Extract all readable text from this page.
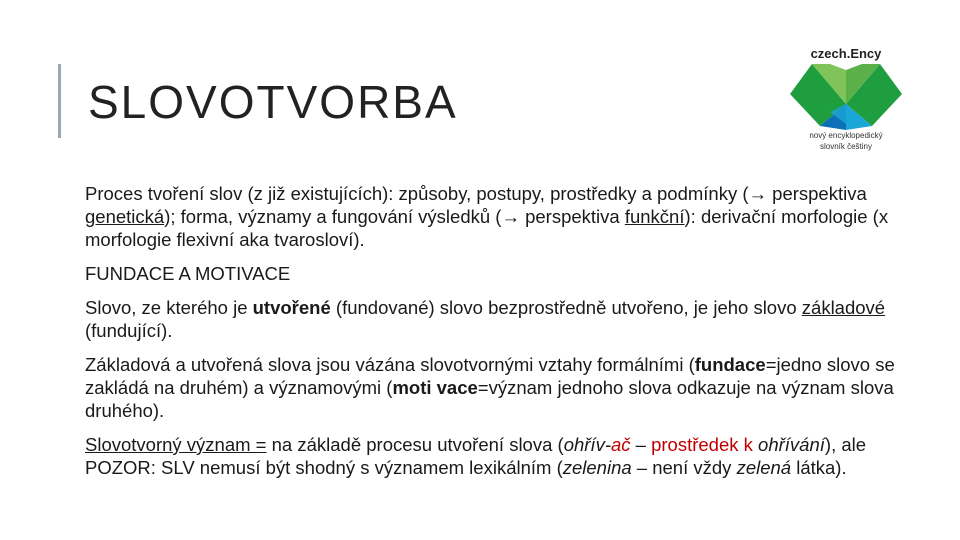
SLOVOTVORBA
czech.Ency
nový encyklopedický
slovník češtiny

Proces tvoření slov (z již existujících): způsoby, postupy, prostředky a podmínky (→ perspektiva genetická); forma, významy a fungování výsledků (→ perspektiva funkční): derivační morfologie (x morfologie flexivní aka tvarosloví).

FUNDACE A MOTIVACE

Slovo, ze kterého je utvořené (fundované) slovo bezprostředně utvořeno, je jeho slovo základové (fundující).

Základová a utvořená slova jsou vázána slovotvornými vztahy formálními (fundace=jedno slovo se zakládá na druhém) a významovými (moti vace=význam jednoho slova odkazuje na význam slova druhého).

Slovotvorný význam = na základě procesu utvoření slova (ohřív-ač – prostředek k ohřívání), ale POZOR: SLV nemusí být shodný s významem lexikálním (zelenina – není vždy zelená látka).
